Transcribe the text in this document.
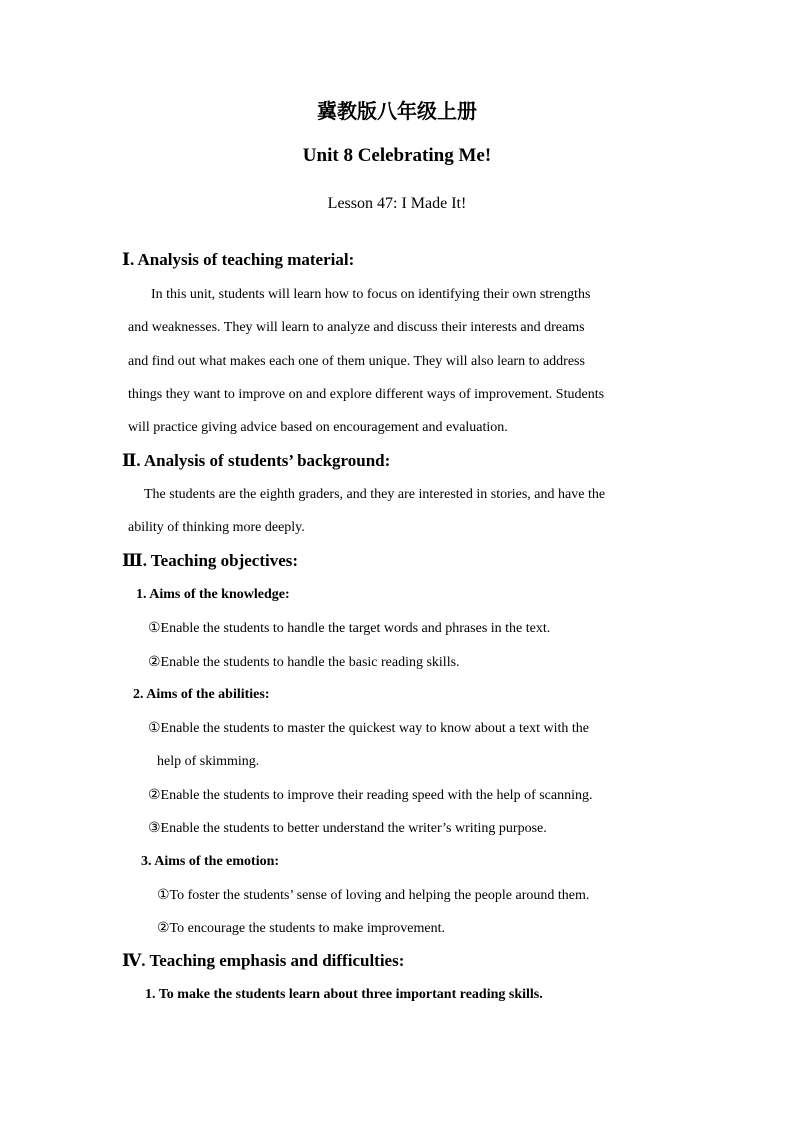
冀教版八年级上册
Unit 8 Celebrating Me!
Lesson 47: I Made It!
Ⅰ. Analysis of teaching material:
In this unit, students will learn how to focus on identifying their own strengths
and weaknesses. They will learn to analyze and discuss their interests and dreams
and find out what makes each one of them unique. They will also learn to address
things they want to improve on and explore different ways of improvement. Students
will practice giving advice based on encouragement and evaluation.
Ⅱ. Analysis of students’ background:
The students are the eighth graders, and they are interested in stories, and have the
ability of thinking more deeply.
Ⅲ. Teaching objectives:
1. Aims of the knowledge:
①Enable the students to handle the target words and phrases in the text.
②Enable the students to handle the basic reading skills.
2. Aims of the abilities:
①Enable the students to master the quickest way to know about a text with the
help of skimming.
②Enable the students to improve their reading speed with the help of scanning.
③Enable the students to better understand the writer’s writing purpose.
3. Aims of the emotion:
①To foster the students’ sense of loving and helping the people around them.
②To encourage the students to make improvement.
Ⅳ. Teaching emphasis and difficulties:
1. To make the students learn about three important reading skills.
